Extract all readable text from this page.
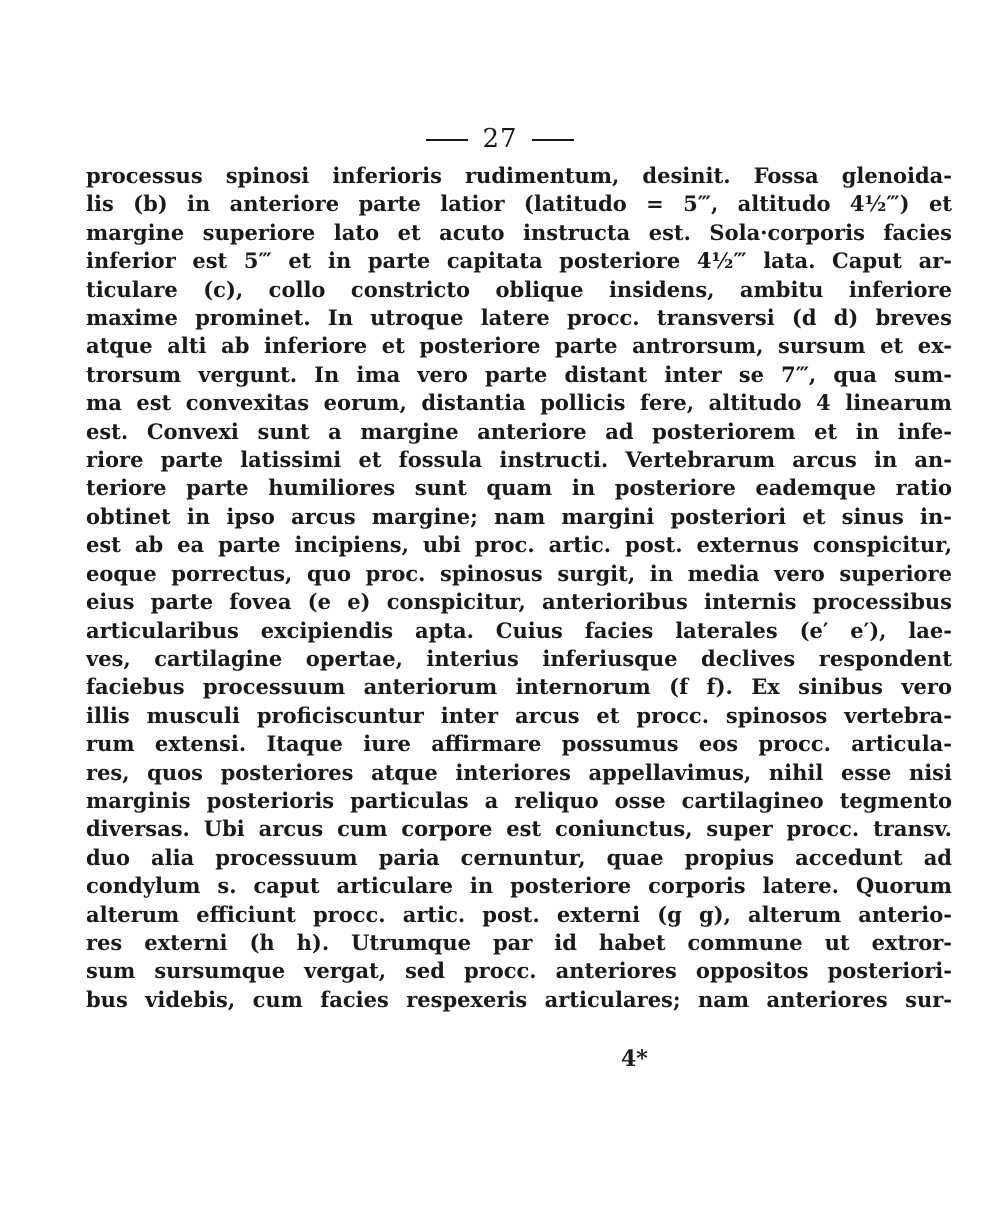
27
processus spinosi inferioris rudimentum, desinit. Fossa glenoida-
lis (b) in anteriore parte latior (latitudo = 5‴, altitudo 4½‴) et
margine superiore lato et acuto instructa est. Sola·corporis facies
inferior est 5‴ et in parte capitata posteriore 4½‴ lata. Caput ar-
ticulare (c), collo constricto oblique insidens, ambitu inferiore
maxime prominet. In utroque latere procc. transversi (d d) breves
atque alti ab inferiore et posteriore parte antrorsum, sursum et ex-
trorsum vergunt. In ima vero parte distant inter se 7‴, qua sum-
ma est convexitas eorum, distantia pollicis fere, altitudo 4 linearum
est. Convexi sunt a margine anteriore ad posteriorem et in infe-
riore parte latissimi et fossula instructi. Vertebrarum arcus in an-
teriore parte humiliores sunt quam in posteriore eademque ratio
obtinet in ipso arcus margine; nam margini posteriori et sinus in-
est ab ea parte incipiens, ubi proc. artic. post. externus conspicitur,
eoque porrectus, quo proc. spinosus surgit, in media vero superiore
eius parte fovea (e e) conspicitur, anterioribus internis processibus
articularibus excipiendis apta. Cuius facies laterales (e′ e′), lae-
ves, cartilagine opertae, interius inferiusque declives respondent
faciebus processuum anteriorum internorum (f f). Ex sinibus vero
illis musculi proficiscuntur inter arcus et procc. spinosos vertebra-
rum extensi. Itaque iure affirmare possumus eos procc. articula-
res, quos posteriores atque interiores appellavimus, nihil esse nisi
marginis posterioris particulas a reliquo osse cartilagineo tegmento
diversas. Ubi arcus cum corpore est coniunctus, super procc. transv.
duo alia processuum paria cernuntur, quae propius accedunt ad
condylum s. caput articulare in posteriore corporis latere. Quorum
alterum efficiunt procc. artic. post. externi (g g), alterum anterio-
res externi (h h). Utrumque par id habet commune ut extror-
sum sursumque vergat, sed procc. anteriores oppositos posteriori-
bus videbis, cum facies respexeris articulares; nam anteriores sur-
4*
